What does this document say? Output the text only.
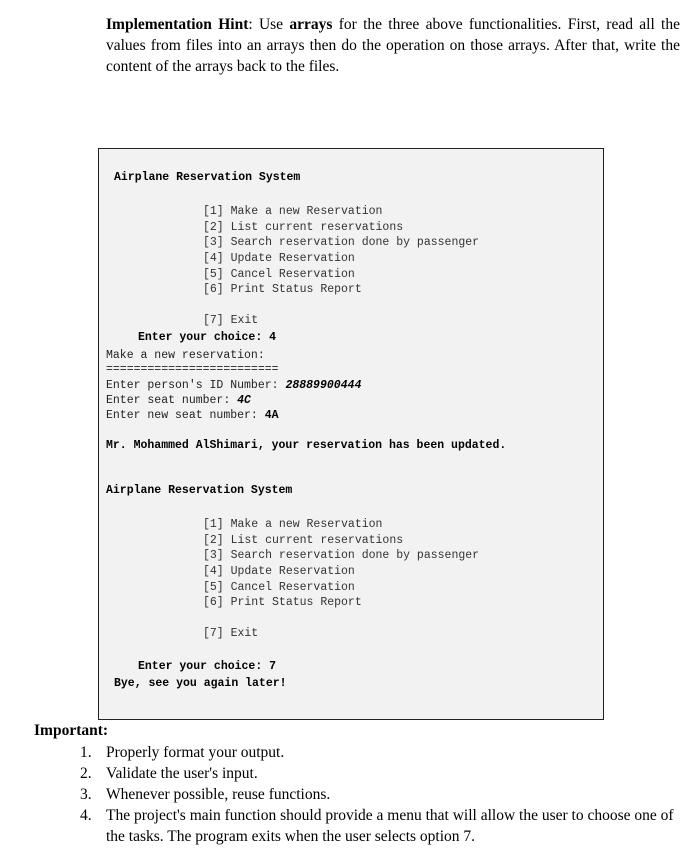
Implementation Hint: Use arrays for the three above functionalities. First, read all the values from files into an arrays then do the operation on those arrays. After that, write the content of the arrays back to the files.

Airplane Reservation System
[1] Make a new Reservation
[2] List current reservations
[3] Search reservation done by passenger
[4] Update Reservation
[5] Cancel Reservation
[6] Print Status Report
[7] Exit
Enter your choice: 4
Make a new reservation:
=========================
Enter person's ID Number: 28889900444
Enter seat number: 4C
Enter new seat number: 4A
Mr. Mohammed AlShimari, your reservation has been updated.
Airplane Reservation System
[1] Make a new Reservation
[2] List current reservations
[3] Search reservation done by passenger
[4] Update Reservation
[5] Cancel Reservation
[6] Print Status Report
[7] Exit
Enter your choice: 7
Bye, see you again later!

Important:

1. Properly format your output.
2. Validate the user's input.
3. Whenever possible, reuse functions.
4. The project's main function should provide a menu that will allow the user to choose one of the tasks. The program exits when the user selects option 7.
